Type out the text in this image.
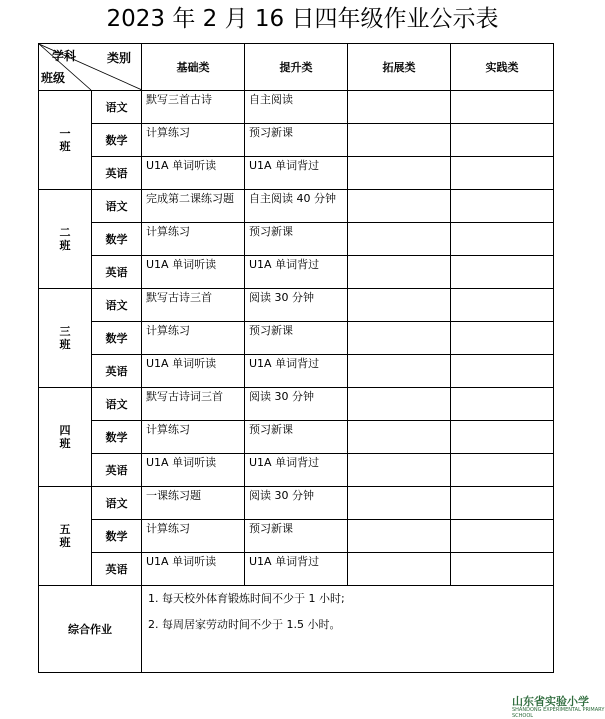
2023 年 2 月 16 日四年级作业公示表
学科 类别
班级		基础类	提升类	拓展类	实践类

一
班	语文	默写三首古诗	自主阅读		
	数学	计算练习	预习新课		
	英语	U1A 单词听读	U1A 单词背过		

二
班	语文	完成第二课练习题	自主阅读 40 分钟		
	数学	计算练习	预习新课		
	英语	U1A 单词听读	U1A 单词背过		

三
班	语文	默写古诗三首	阅读 30 分钟		
	数学	计算练习	预习新课		
	英语	U1A 单词听读	U1A 单词背过		

四
班	语文	默写古诗词三首	阅读 30 分钟		
	数学	计算练习	预习新课		
	英语	U1A 单词听读	U1A 单词背过		

五
班	语文	一课练习题	阅读 30 分钟		
	数学	计算练习	预习新课		
	英语	U1A 单词听读	U1A 单词背过		
综合作业		1. 每天校外体育锻炼时间不少于 1 小时;
2. 每周居家劳动时间不少于 1.5 小时。			
山东省实验小学
SHANDONG EXPERIMENTAL PRIMARY SCHOOL
